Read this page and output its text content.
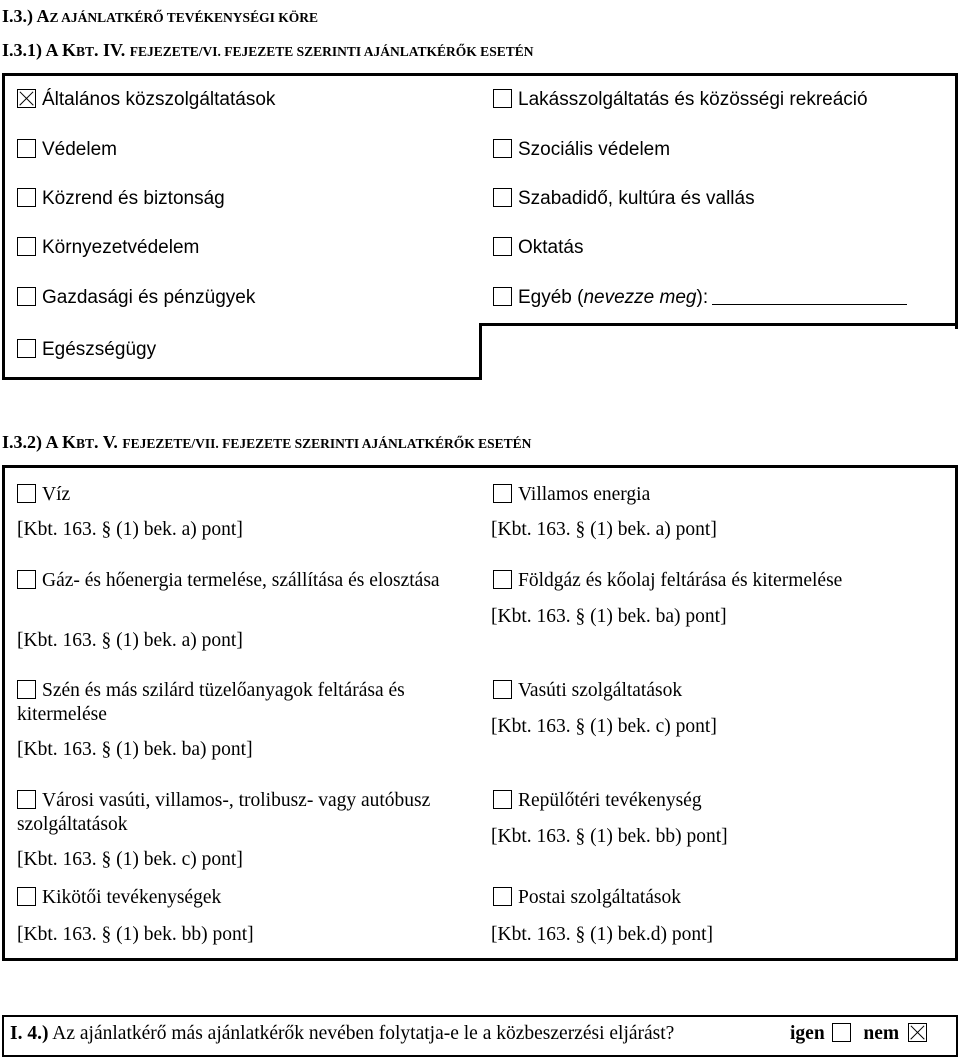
I.3.) AZ AJÁNLATKÉRŐ TEVÉKENYSÉGI KÖRE
I.3.1) A KBT. IV. FEJEZETE/VI. FEJEZETE SZERINTI AJÁNLATKÉRŐK ESETÉN
Általános közszolgáltatások
Védelem
Közrend és biztonság
Környezetvédelem
Gazdasági és pénzügyek
Egészségügy
Lakásszolgáltatás és közösségi rekreáció
Szociális védelem
Szabadidő, kultúra és vallás
Oktatás
Egyéb (nevezze meg):
I.3.2) A KBT. V. FEJEZETE/VII. FEJEZETE SZERINTI AJÁNLATKÉRŐK ESETÉN
Víz
[Kbt. 163. § (1) bek. a) pont]
Gáz- és hőenergia termelése, szállítása és elosztása
[Kbt. 163. § (1) bek. a) pont]
Szén és más szilárd tüzelőanyagok feltárása és kitermelése
[Kbt. 163. § (1) bek. ba) pont]
Városi vasúti, villamos-, trolibusz- vagy autóbusz szolgáltatások
[Kbt. 163. § (1) bek. c) pont]
Kikötői tevékenységek
[Kbt. 163. § (1) bek. bb) pont]
Villamos energia
[Kbt. 163. § (1) bek. a) pont]
Földgáz és kőolaj feltárása és kitermelése
[Kbt. 163. § (1) bek. ba) pont]
Vasúti szolgáltatások
[Kbt. 163. § (1) bek. c) pont]
Repülőtéri tevékenység
[Kbt. 163. § (1) bek. bb) pont]
Postai szolgáltatások
[Kbt. 163. § (1) bek.d) pont]
I. 4.) Az ajánlatkérő más ajánlatkérők nevében folytatja-e le a közbeszerzési eljárást?	igen nem
